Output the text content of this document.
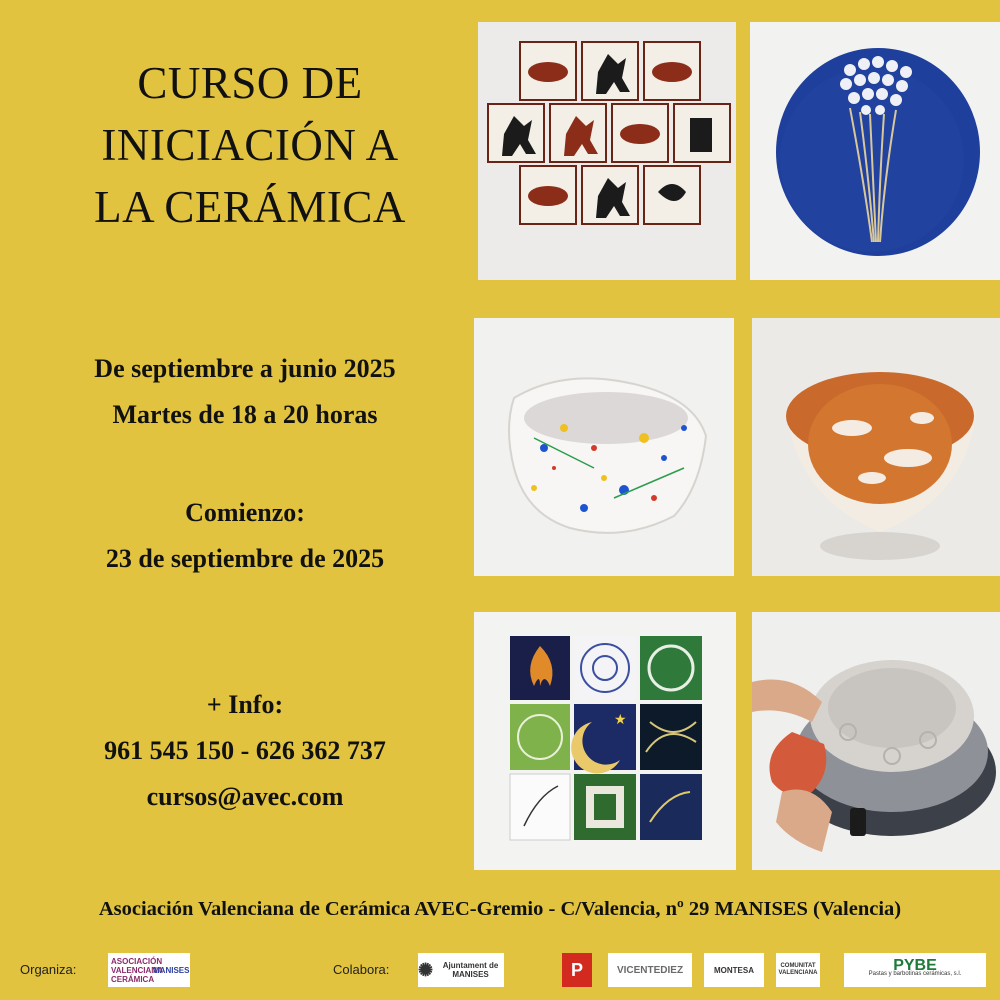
CURSO DE
INICIACIÓN A
LA CERÁMICA
De septiembre a junio 2025
Martes de 18 a 20 horas
Comienzo:
23 de septiembre de 2025
+ Info:
961 545 150 - 626 362 737
cursos@avec.com
★
Asociación Valenciana de Cerámica AVEC-Gremio - C/Valencia, nº 29 MANISES (Valencia)
Organiza:
ASOCIACIÓN VALENCIANA CERÁMICA
MANISES	Colabora: ✺	Ajuntament de MANISES	P	VICENTEDIEZ	MONTESA	COMUNITAT VALENCIANA	PYBE
Pastas y barbotinas cerámicas, s.l.
